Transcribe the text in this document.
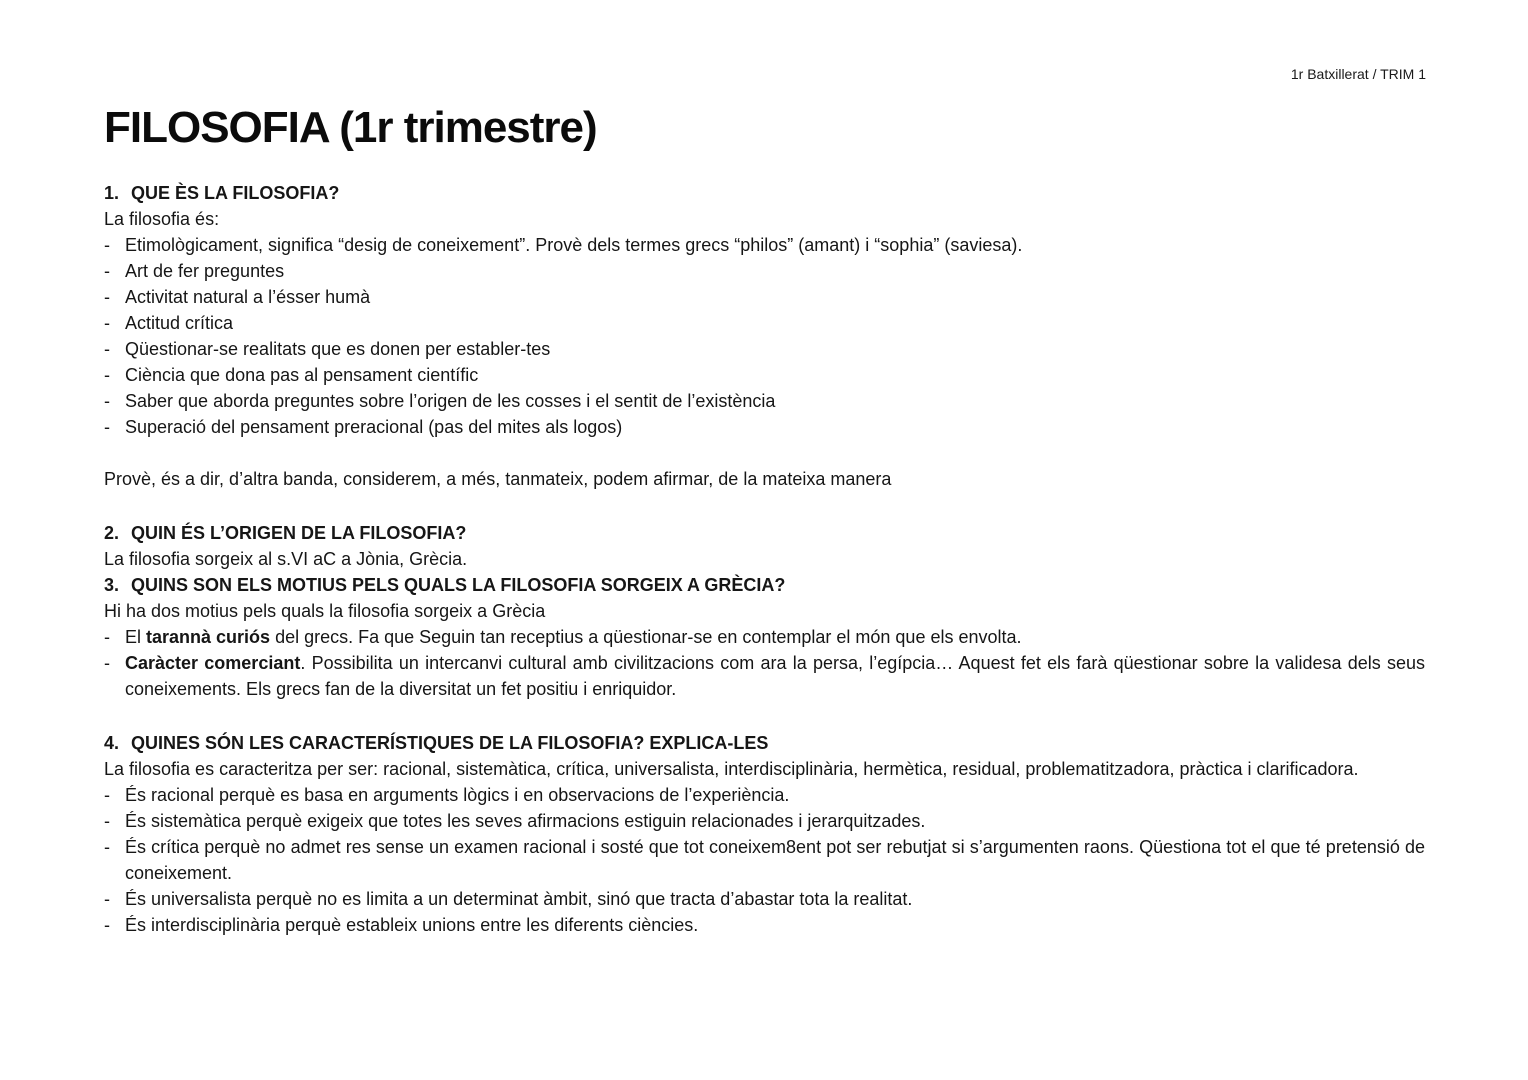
1r Batxillerat / TRIM 1
FILOSOFIA (1r trimestre)

1. QUE ÈS LA FILOSOFIA?

La filosofia és:

- Etimològicament, significa “desig de coneixement”. Provè dels termes grecs “philos” (amant) i “sophia” (saviesa).
- Art de fer preguntes
- Activitat natural a l’ésser humà
- Actitud crítica
- Qüestionar-se realitats que es donen per establer-tes
- Ciència que dona pas al pensament científic
- Saber que aborda preguntes sobre l’origen de les cosses i el sentit de l’existència
- Superació del pensament preracional (pas del mites als logos)

Provè, és a dir, d’altra banda, considerem, a més, tanmateix, podem afirmar, de la mateixa manera

2. QUIN ÉS L’ORIGEN DE LA FILOSOFIA?

La filosofia sorgeix al s.VI aC a Jònia, Grècia.

3. QUINS SON ELS MOTIUS PELS QUALS LA FILOSOFIA SORGEIX A GRÈCIA?

Hi ha dos motius pels quals la filosofia sorgeix a Grècia

- El tarannà curiós del grecs. Fa que Seguin tan receptius a qüestionar-se en contemplar el món que els envolta.
- Caràcter comerciant. Possibilita un intercanvi cultural amb civilitzacions com ara la persa, l’egípcia… Aquest fet els farà qüestionar sobre la validesa dels seus coneixements. Els grecs fan de la diversitat un fet positiu i enriquidor.

4. QUINES SÓN LES CARACTERÍSTIQUES DE LA FILOSOFIA? EXPLICA-LES

La filosofia es caracteritza per ser: racional, sistemàtica, crítica, universalista, interdisciplinària, hermètica, residual, problematitzadora, pràctica i clarificadora.

- És racional perquè es basa en arguments lògics i en observacions de l’experiència.
- És sistemàtica perquè exigeix que totes les seves afirmacions estiguin relacionades i jerarquitzades.
- És crítica perquè no admet res sense un examen racional i sosté que tot coneixem8ent pot ser rebutjat si s’argumenten raons. Qüestiona tot el que té pretensió de coneixement.
- És universalista perquè no es limita a un determinat àmbit, sinó que tracta d’abastar tota la realitat.
- És interdisciplinària perquè estableix unions entre les diferents ciències.
